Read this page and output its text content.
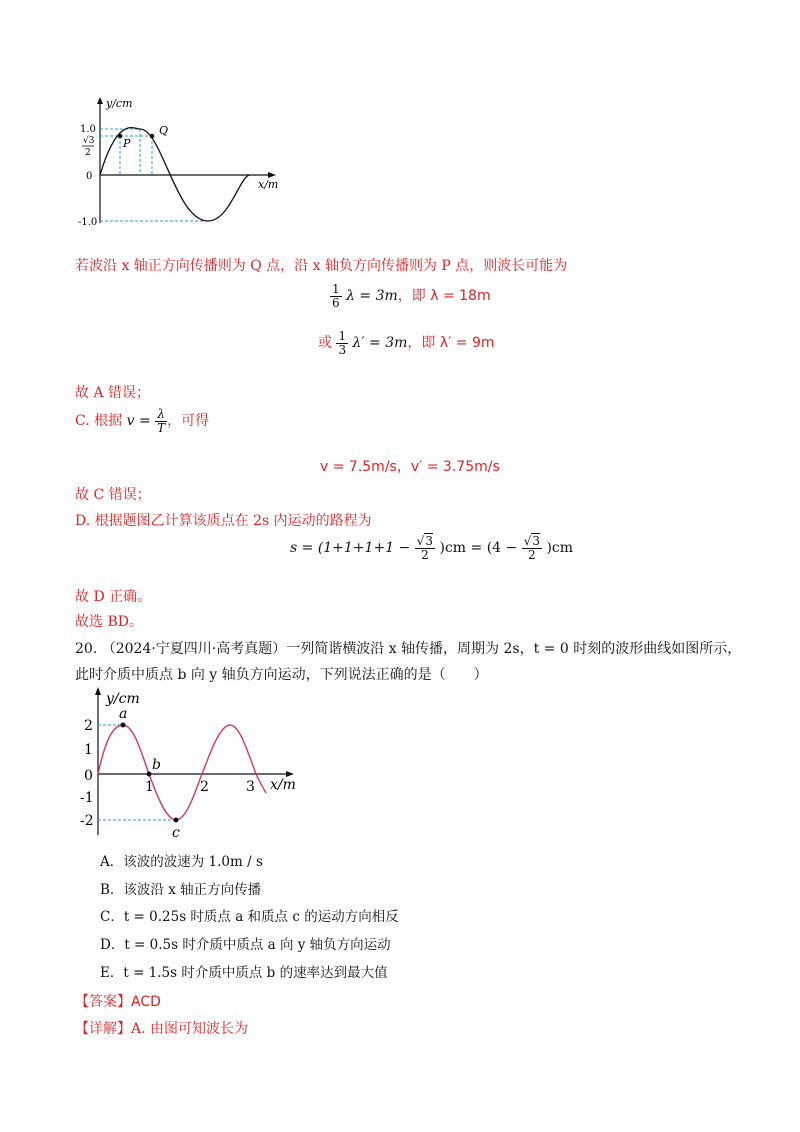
y/cm
x/m
1.0
√3
2
0
-1.0
P
Q
若波沿 x 轴正方向传播则为 Q 点，沿 x 轴负方向传播则为 P 点，则波长可能为
$\frac{1}{6}$ λ = 3m，即 λ = 18m
或 $\frac{1}{3} \lambda' = 3m$，即 λ′ = 9m
故 A 错误；
C. 根据 $v = \frac{\lambda}{T}$ ，可得
v = 7.5m/s，v′ = 3.75m/s
故 C 错误；
D. 根据题图乙计算该质点在 2s 内运动的路程为
$s = (1+1+1+1 - \frac{√3}{2} )cm = (4 - \frac{√3}{2} )cm$
故 D 正确。
故选 BD。
20. （2024·宁夏四川·高考真题）一列简谐横波沿 x 轴传播，周期为 2s，t = 0 时刻的波形曲线如图所示，
此时介质中质点 b 向 y 轴负方向运动，下列说法正确的是（　　）
y/cm
x/m
2
1
0
-1
-2
1	2	3
a
b
c
A．该波的波速为 1.0m / s
B．该波沿 x 轴正方向传播
C．t = 0.25s 时质点 a 和质点 c 的运动方向相反
D．t = 0.5s 时介质中质点 a 向 y 轴负方向运动
E．t = 1.5s 时介质中质点 b 的速率达到最大值
【答案】ACD
【详解】A. 由图可知波长为
